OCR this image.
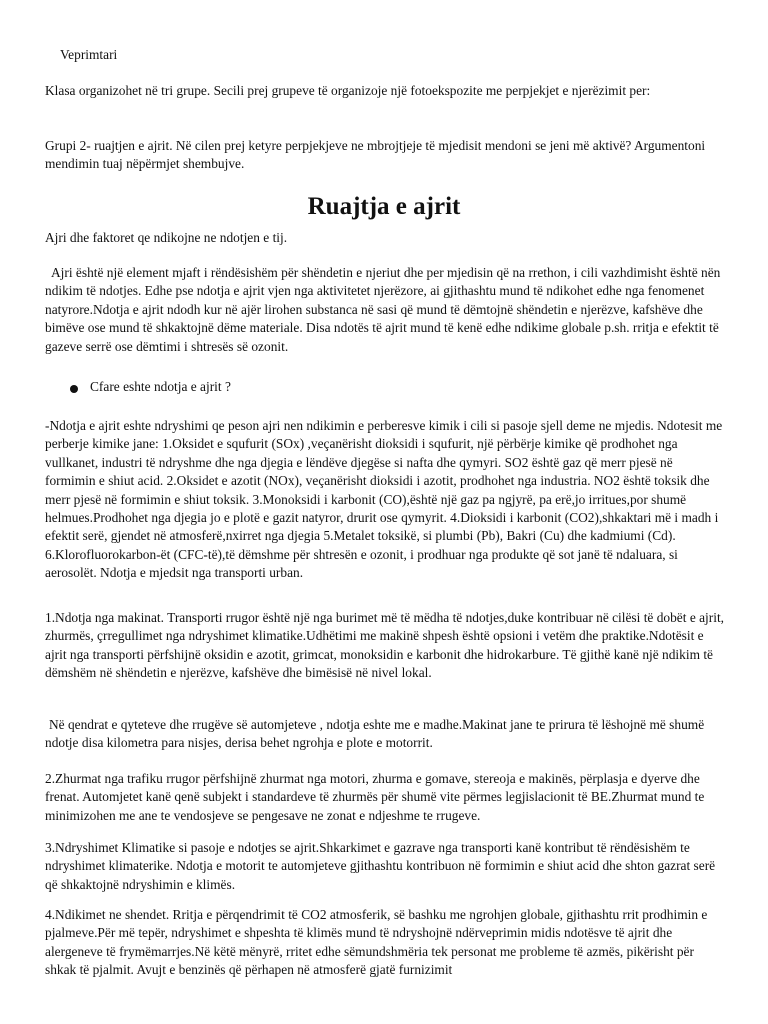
Veprimtari

Klasa organizohet në tri grupe. Secili prej grupeve të organizoje një fotoekspozite me perpjekjet e njerëzimit per:

Grupi 2- ruajtjen e ajrit. Në cilen prej ketyre perpjekjeve ne mbrojtjeje të mjedisit mendoni se jeni më aktivë? Argumentoni mendimin tuaj nëpërmjet shembujve.

Ruajtja e ajrit

Ajri dhe faktoret qe ndikojne ne ndotjen e tij.

Ajri është një element mjaft i rëndësishëm për shëndetin e njeriut dhe per mjedisin që na rrethon, i cili vazhdimisht është nën ndikim të ndotjes. Edhe pse ndotja e ajrit vjen nga aktivitetet njerëzore, ai gjithashtu mund të ndikohet edhe nga fenomenet natyrore.Ndotja e ajrit ndodh kur në ajër lirohen substanca në sasi që mund të dëmtojnë shëndetin e njerëzve, kafshëve dhe bimëve ose mund të shkaktojnë dëme materiale. Disa ndotës të ajrit mund të kenë edhe ndikime globale p.sh. rritja e efektit të gazeve serrë ose dëmtimi i shtresës së ozonit.

Cfare eshte ndotja e ajrit ?

-Ndotja e ajrit eshte ndryshimi qe peson ajri nen ndikimin e perberesve kimik i cili si pasoje sjell deme ne mjedis. Ndotesit me perberje kimike jane: 1.Oksidet e squfurit (SOx) ,veçanërisht dioksidi i squfurit, një përbërje kimike që prodhohet nga vullkanet, industri të ndryshme dhe nga djegia e lëndëve djegëse si nafta dhe qymyri. SO2 është gaz që merr pjesë në formimin e shiut acid. 2.Oksidet e azotit (NOx), veçanërisht dioksidi i azotit, prodhohet nga industria. NO2 është toksik dhe merr pjesë në formimin e shiut toksik. 3.Monoksidi i karbonit (CO),është një gaz pa ngjyrë, pa erë,jo irritues,por shumë helmues.Prodhohet nga djegia jo e plotë e gazit natyror, drurit ose qymyrit. 4.Dioksidi i karbonit (CO2),shkaktari më i madh i efektit serë, gjendet në atmosferë,nxirret nga djegia 5.Metalet toksikë, si plumbi (Pb), Bakri (Cu) dhe kadmiumi (Cd). 6.Klorofluorokarbon-ët (CFC-të),të dëmshme për shtresën e ozonit, i prodhuar nga produkte që sot janë të ndaluara, si aerosolët. Ndotja e mjedsit nga transporti urban.

1.Ndotja nga makinat. Transporti rrugor është një nga burimet më të mëdha të ndotjes,duke kontribuar në cilësi të dobët e ajrit, zhurmës, çrregullimet nga ndryshimet klimatike.Udhëtimi me makinë shpesh është opsioni i vetëm dhe praktike.Ndotësit e ajrit nga transporti përfshijnë oksidin e azotit, grimcat, monoksidin e karbonit dhe hidrokarbure. Të gjithë kanë një ndikim të dëmshëm në shëndetin e njerëzve, kafshëve dhe bimësisë në nivel lokal.

Në qendrat e qyteteve dhe rrugëve së automjeteve , ndotja eshte me e madhe.Makinat jane te prirura të lëshojnë më shumë ndotje disa kilometra para nisjes, derisa behet ngrohja e plote e motorrit.

2.Zhurmat nga trafiku rrugor përfshijnë zhurmat nga motori, zhurma e gomave, stereoja e makinës, përplasja e dyerve dhe frenat. Automjetet kanë qenë subjekt i standardeve të zhurmës për shumë vite përmes legjislacionit të BE.Zhurmat mund te minimizohen me ane te vendosjeve se pengesave ne zonat e ndjeshme te rrugeve.

3.Ndryshimet Klimatike si pasoje e ndotjes se ajrit.Shkarkimet e gazrave nga transporti kanë kontribut të rëndësishëm te ndryshimet klimaterike. Ndotja e motorit te automjeteve gjithashtu kontribuon në formimin e shiut acid dhe shton gazrat serë që shkaktojnë ndryshimin e klimës.

4.Ndikimet ne shendet. Rritja e përqendrimit të CO2 atmosferik, së bashku me ngrohjen globale, gjithashtu rrit prodhimin e pjalmeve.Për më tepër, ndryshimet e shpeshta të klimës mund të ndryshojnë ndërveprimin midis ndotësve të ajrit dhe alergeneve të frymëmarrjes.Në këtë mënyrë, rritet edhe sëmundshmëria tek personat me probleme të azmës, pikërisht për shkak të pjalmit. Avujt e benzinës që përhapen në atmosferë gjatë furnizimit
